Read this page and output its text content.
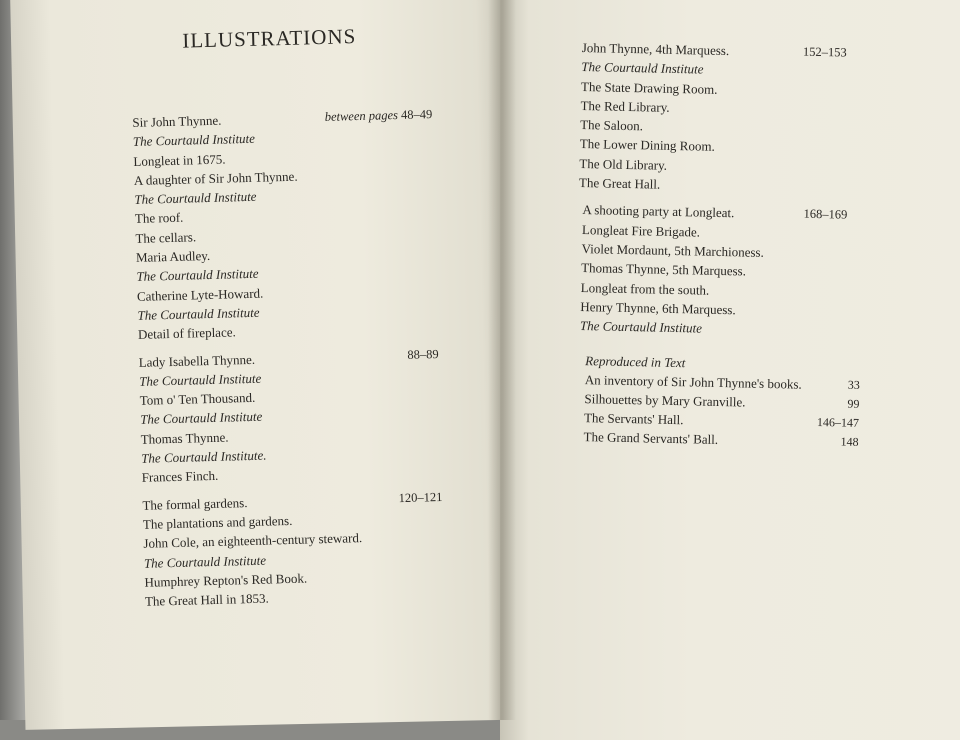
ILLUSTRATIONS
Sir John Thynne.	between pages 48–49
The Courtauld Institute
Longleat in 1675.
A daughter of Sir John Thynne.
The Courtauld Institute
The roof.
The cellars.
Maria Audley.
The Courtauld Institute
Catherine Lyte-Howard.
The Courtauld Institute
Detail of fireplace.
Lady Isabella Thynne.	88–89
The Courtauld Institute
Tom o' Ten Thousand.
The Courtauld Institute
Thomas Thynne.
The Courtauld Institute.
Frances Finch.
The formal gardens.	120–121
The plantations and gardens.
John Cole, an eighteenth-century steward.
The Courtauld Institute
Humphrey Repton's Red Book.
The Great Hall in 1853.
John Thynne, 4th Marquess.	152–153
The Courtauld Institute
The State Drawing Room.
The Red Library.
The Saloon.
The Lower Dining Room.
The Old Library.
The Great Hall.
A shooting party at Longleat.	168–169
Longleat Fire Brigade.
Violet Mordaunt, 5th Marchioness.
Thomas Thynne, 5th Marquess.
Longleat from the south.
Henry Thynne, 6th Marquess.
The Courtauld Institute
Reproduced in Text
An inventory of Sir John Thynne's books.	33
Silhouettes by Mary Granville.	99
The Servants' Hall.	146–147
The Grand Servants' Ball.	148
